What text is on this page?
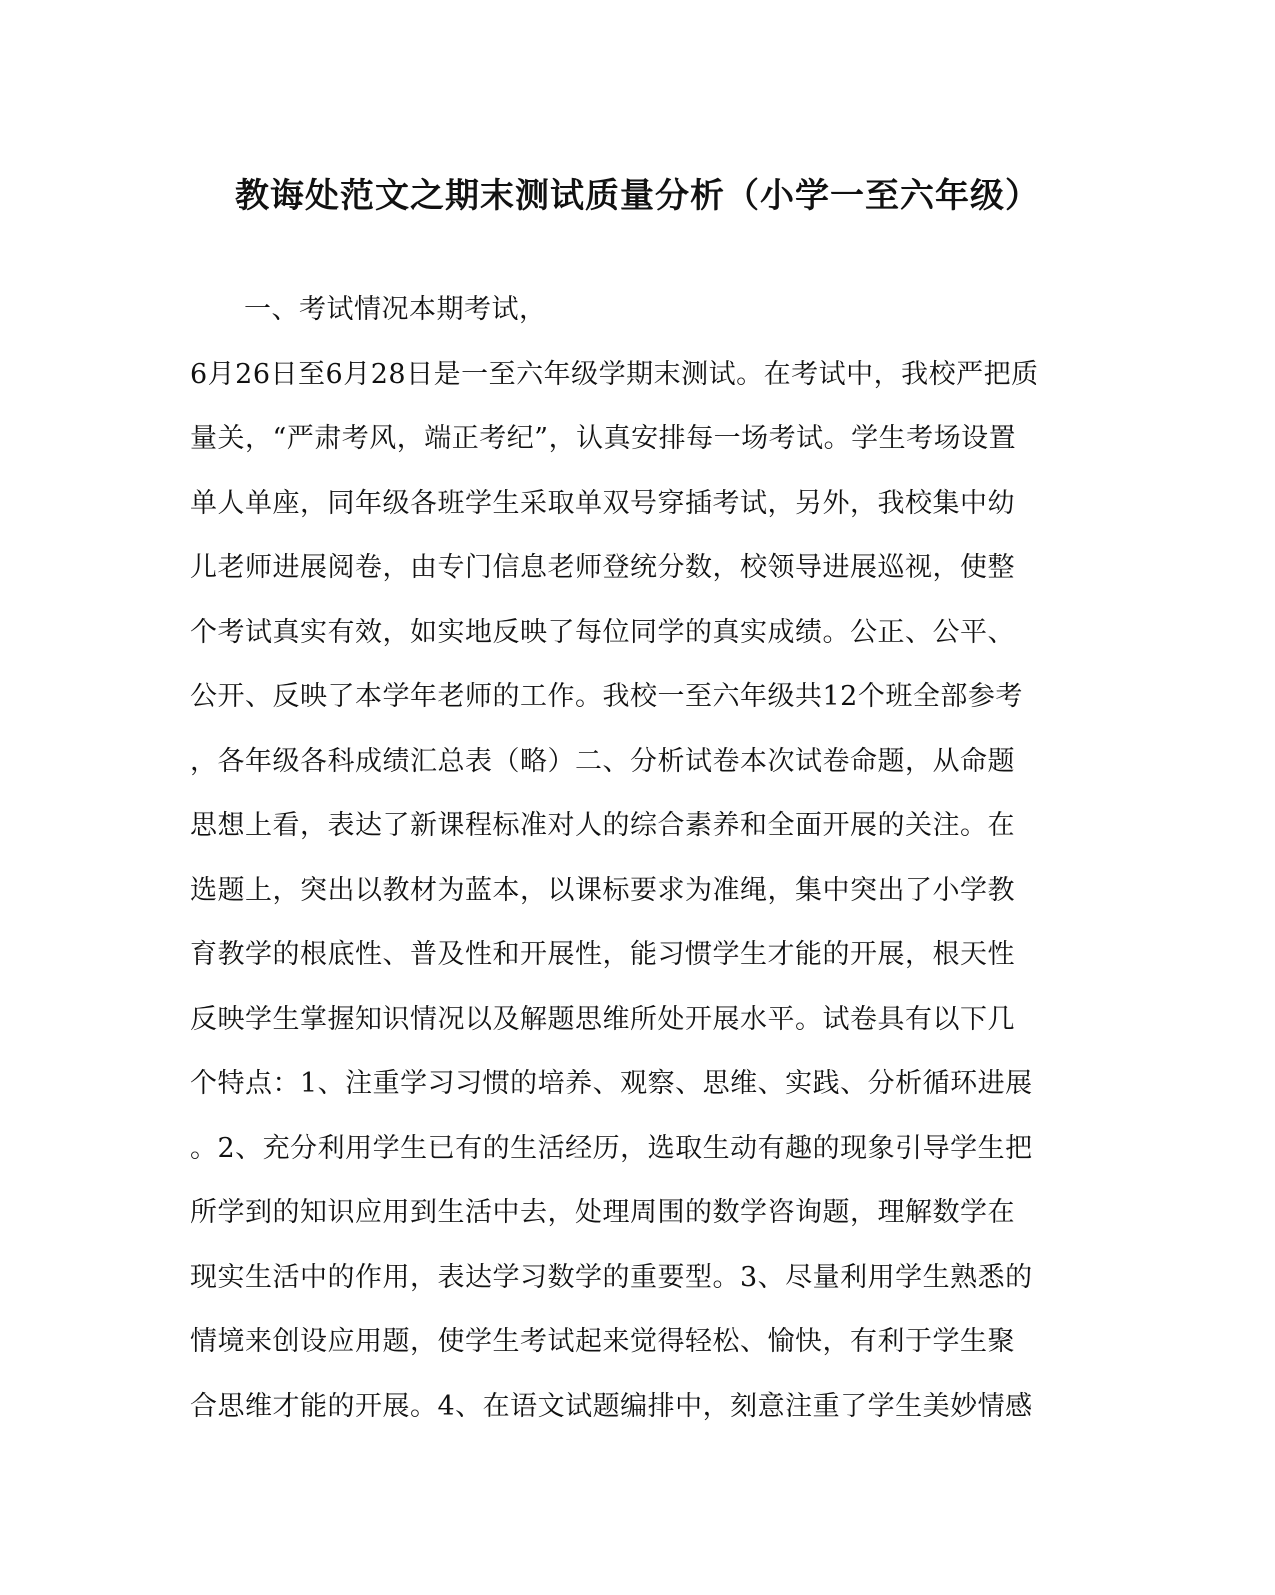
教诲处范文之期末测试质量分析（小学一至六年级）
一、考试情况本期考试，
6月26日至6月28日是一至六年级学期末测试。在考试中，我校严把质
量关，“严肃考风，端正考纪”，认真安排每一场考试。学生考场设置
单人单座，同年级各班学生采取单双号穿插考试，另外，我校集中幼
儿老师进展阅卷，由专门信息老师登统分数，校领导进展巡视，使整
个考试真实有效，如实地反映了每位同学的真实成绩。公正、公平、
公开、反映了本学年老师的工作。我校一至六年级共12个班全部参考
，各年级各科成绩汇总表（略）二、分析试卷本次试卷命题，从命题
思想上看，表达了新课程标准对人的综合素养和全面开展的关注。在
选题上，突出以教材为蓝本，以课标要求为准绳，集中突出了小学教
育教学的根底性、普及性和开展性，能习惯学生才能的开展，根天性
反映学生掌握知识情况以及解题思维所处开展水平。试卷具有以下几
个特点：1、注重学习习惯的培养、观察、思维、实践、分析循环进展
。2、充分利用学生已有的生活经历，选取生动有趣的现象引导学生把
所学到的知识应用到生活中去，处理周围的数学咨询题，理解数学在
现实生活中的作用，表达学习数学的重要型。3、尽量利用学生熟悉的
情境来创设应用题，使学生考试起来觉得轻松、愉快，有利于学生聚
合思维才能的开展。4、在语文试题编排中，刻意注重了学生美妙情感
